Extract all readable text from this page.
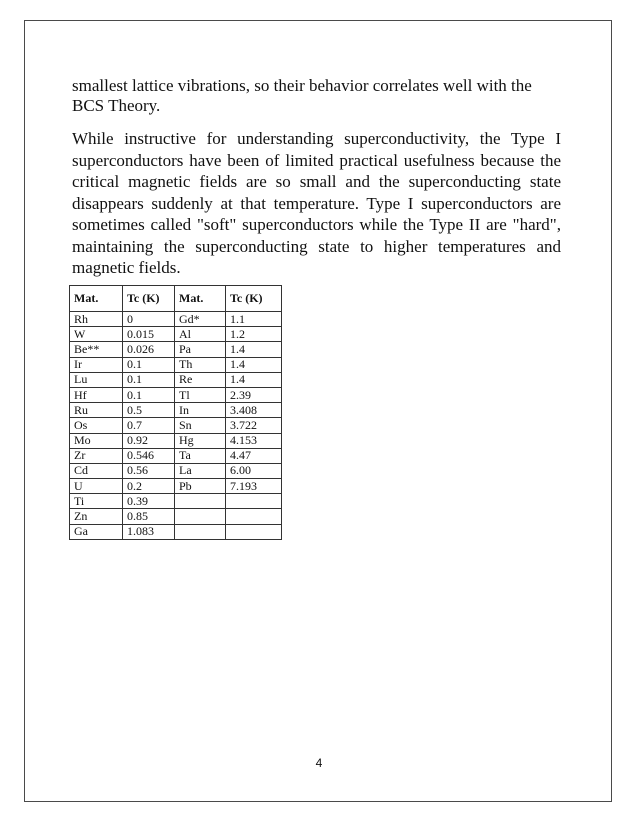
smallest lattice vibrations, so their behavior correlates well with the BCS Theory.

While instructive for understanding superconductivity, the Type I superconductors have been of limited practical usefulness because the critical magnetic fields are so small and the superconducting state disappears suddenly at that temperature. Type I superconductors are sometimes called "soft" superconductors while the Type II are "hard", maintaining the superconducting state to higher temperatures and magnetic fields.

Mat.	Tc (K)	Mat.	Tc (K)
Rh	0	Gd*	1.1
W	0.015	Al	1.2
Be**	0.026	Pa	1.4
Ir	0.1	Th	1.4
Lu	0.1	Re	1.4
Hf	0.1	Tl	2.39
Ru	0.5	In	3.408
Os	0.7	Sn	3.722
Mo	0.92	Hg	4.153
Zr	0.546	Ta	4.47
Cd	0.56	La	6.00
U	0.2	Pb	7.193
Ti	0.39		
Zn	0.85		
Ga	1.083		
4
